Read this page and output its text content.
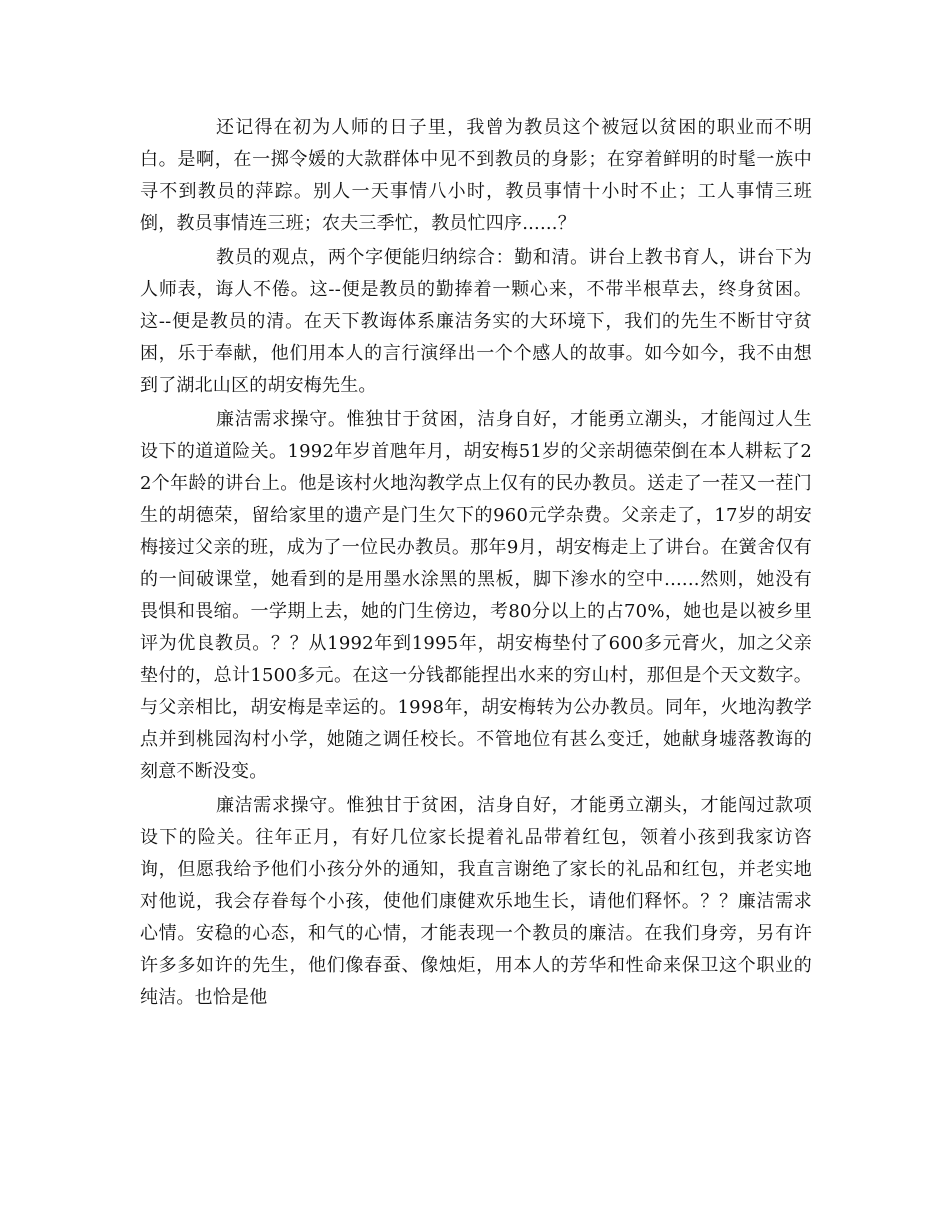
还记得在初为人师的日子里，我曾为教员这个被冠以贫困的职业而不明白。是啊，在一掷令媛的大款群体中见不到教员的身影；在穿着鲜明的时髦一族中寻不到教员的萍踪。别人一天事情八小时，教员事情十小时不止；工人事情三班倒，教员事情连三班；农夫三季忙，教员忙四序......？

教员的观点，两个字便能归纳综合：勤和清。讲台上教书育人，讲台下为人师表，诲人不倦。这--便是教员的勤捧着一颗心来，不带半根草去，终身贫困。这--便是教员的清。在天下教诲体系廉洁务实的大环境下，我们的先生不断甘守贫困，乐于奉献，他们用本人的言行演绎出一个个感人的故事。如今如今，我不由想到了湖北山区的胡安梅先生。

廉洁需求操守。惟独甘于贫困，洁身自好，才能勇立潮头，才能闯过人生设下的道道险关。1992年岁首虺年月，胡安梅51岁的父亲胡德荣倒在本人耕耘了22个年龄的讲台上。他是该村火地沟教学点上仅有的民办教员。送走了一茬又一茬门生的胡德荣，留给家里的遗产是门生欠下的960元学杂费。父亲走了，17岁的胡安梅接过父亲的班，成为了一位民办教员。那年9月，胡安梅走上了讲台。在黉舍仅有的一间破课堂，她看到的是用墨水涂黑的黑板，脚下渗水的空中......然则，她没有畏惧和畏缩。一学期上去，她的门生傍边，考80分以上的占70%，她也是以被乡里评为优良教员。？？从1992年到1995年，胡安梅垫付了600多元膏火，加之父亲垫付的，总计1500多元。在这一分钱都能捏出水来的穷山村，那但是个天文数字。与父亲相比，胡安梅是幸运的。1998年，胡安梅转为公办教员。同年，火地沟教学点并到桃园沟村小学，她随之调任校长。不管地位有甚么变迁，她献身墟落教诲的刻意不断没变。

廉洁需求操守。惟独甘于贫困，洁身自好，才能勇立潮头，才能闯过款项设下的险关。往年正月，有好几位家长提着礼品带着红包，领着小孩到我家访咨询，但愿我给予他们小孩分外的通知，我直言谢绝了家长的礼品和红包，并老实地对他说，我会存眷每个小孩，使他们康健欢乐地生长，请他们释怀。？？廉洁需求心情。安稳的心态，和气的心情，才能表现一个教员的廉洁。在我们身旁，另有许许多多如许的先生，他们像春蚕、像烛炬，用本人的芳华和性命来保卫这个职业的纯洁。也恰是他
